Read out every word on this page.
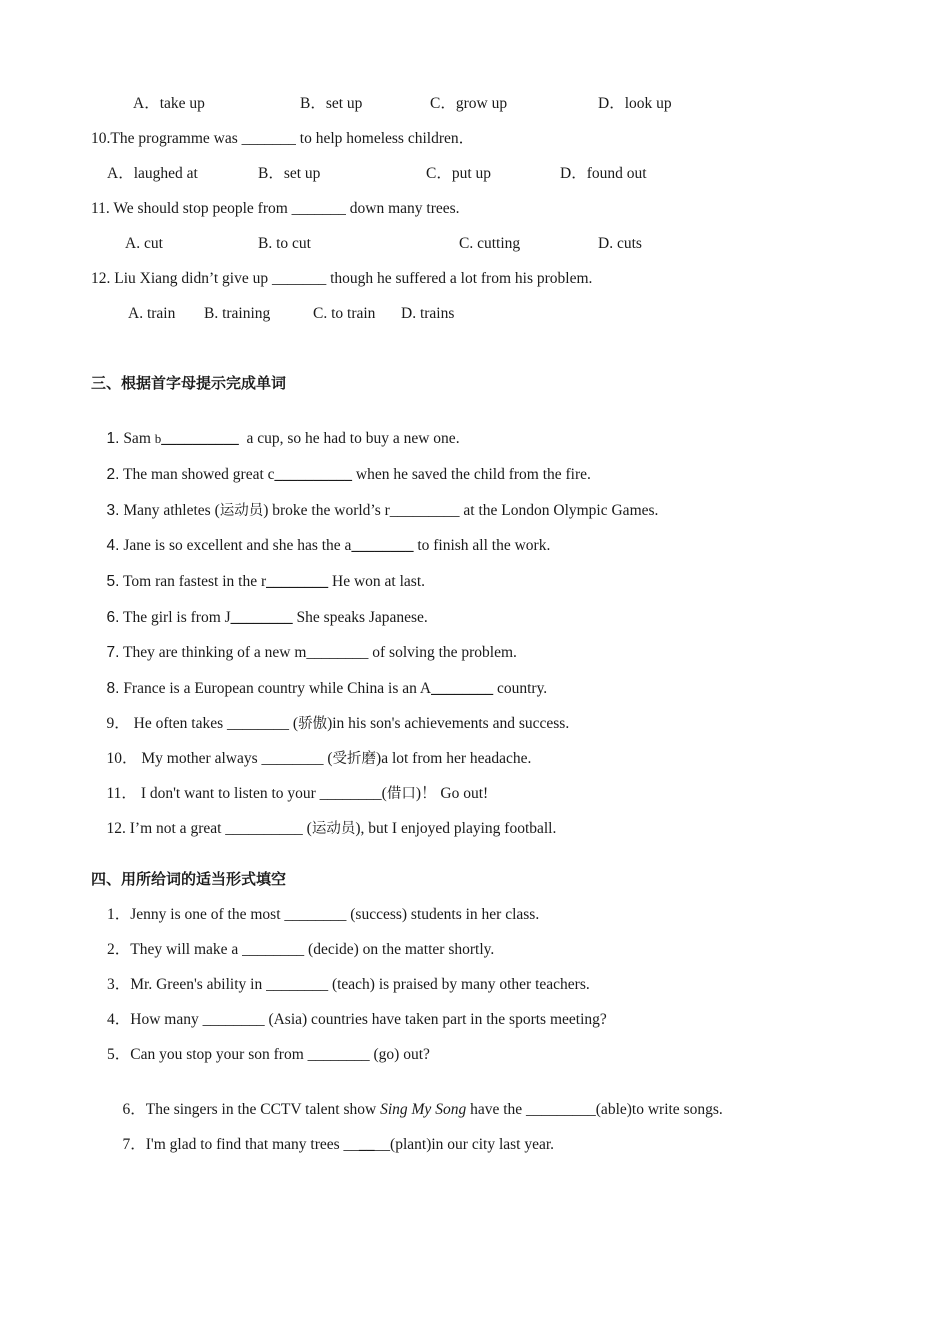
A．take up	B．set up	C．grow up	D．look up
10.The programme was _______ to help homeless children．
A．laughed at	B．set up	C．put up	D．found out
11. We should stop people from _______ down many trees.
A. cut	B. to cut	C. cutting	D. cuts
12. Liu Xiang didn’t give up _______ though he suffered a lot from his problem.
A. train B. training	C. to train D. trains
三、根据首字母提示完成单词

1. Sam b__________  a cup, so he had to buy a new one.

2. The man showed great c__________ when he saved the child from the fire.

3. Many athletes (运动员) broke the world’s r_________ at the London Olympic Games.

4. Jane is so excellent and she has the a________ to finish all the work.

5. Tom ran fastest in the r________ He won at last.

6. The girl is from J________ She speaks Japanese.

7. They are thinking of a new m________ of solving the problem.

8. France is a European country while China is an A________ country.

9． He often takes ________ (骄傲)in his son's achievements and success.

10． My mother always ________ (受折磨)a lot from her headache.

11． I don't want to listen to your ________(借口)！ Go out!

12. I’m not a great __________ (运动员), but I enjoyed playing football.

四、用所给词的适当形式填空
1．Jenny is one of the most ________ (success) students in her class.
2．They will make a ________ (decide) on the matter shortly.
3．Mr. Green's ability in ________ (teach) is praised by many other teachers.
4．How many ________ (Asia) countries have taken part in the sports meeting?
5．Can you stop your son from ________ (go) out?

6．The singers in the CCTV talent show Sing My Song have the _________(able)to write songs.

7．I'm glad to find that many trees ______(plant)in our city last year.
